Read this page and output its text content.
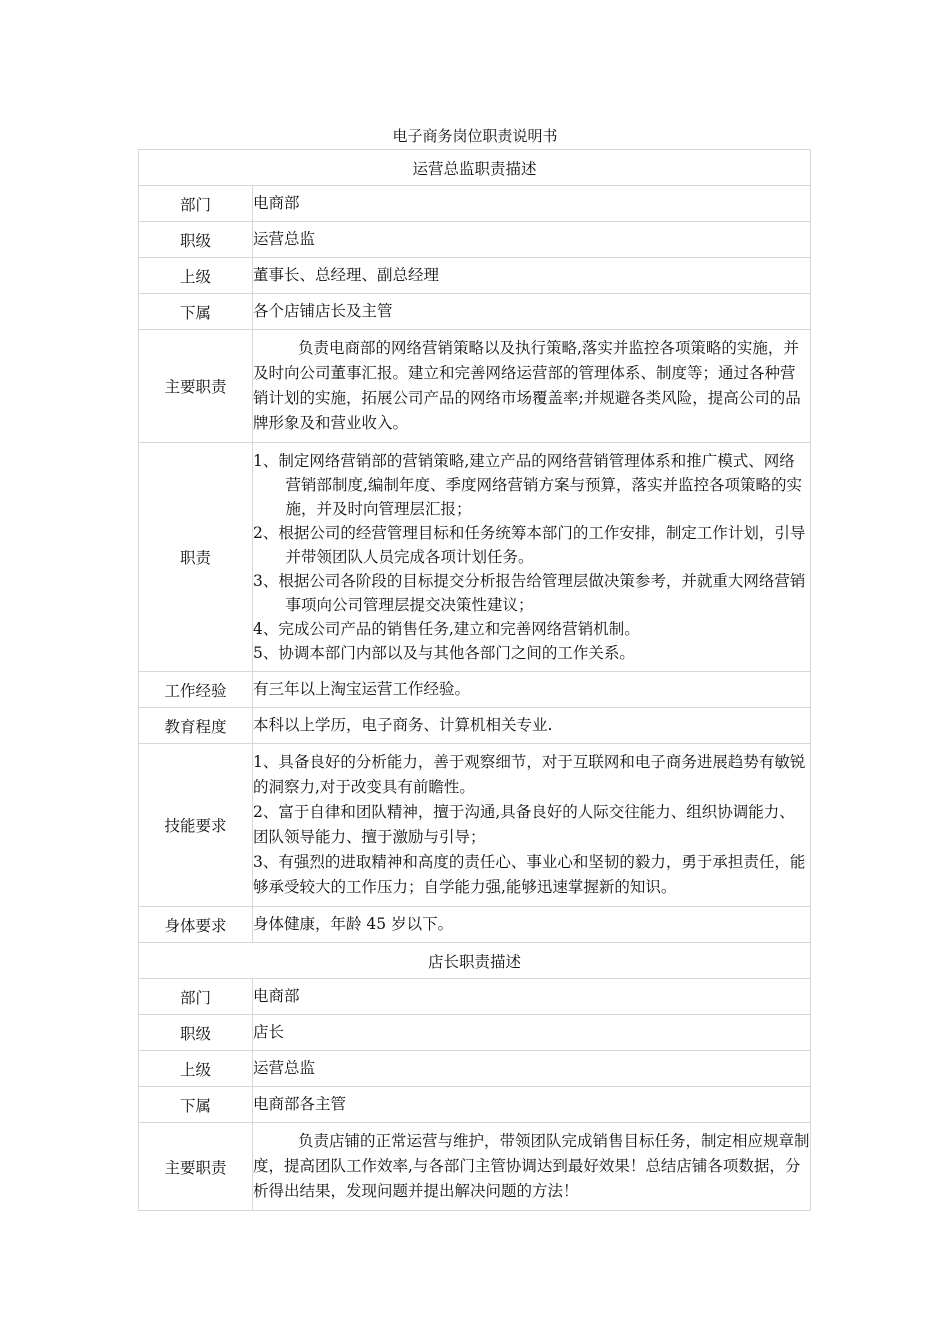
电子商务岗位职责说明书
运营总监职责描述	
部门	电商部
职级	运营总监
上级	董事长、总经理、副总经理
下属	各个店铺店长及主管
主要职责	负责电商部的网络营销策略以及执行策略,落实并监控各项策略的实施，并及时向公司董事汇报。建立和完善网络运营部的管理体系、制度等；通过各种营销计划的实施，拓展公司产品的网络市场覆盖率;并规避各类风险，提高公司的品牌形象及和营业收入。

职责	1、制定网络营销部的营销策略,建立产品的网络营销管理体系和推广模式、网络营销部制度,编制年度、季度网络营销方案与预算，落实并监控各项策略的实施，并及时向管理层汇报；
2、根据公司的经营管理目标和任务统筹本部门的工作安排，制定工作计划，引导并带领团队人员完成各项计划任务。
3、根据公司各阶段的目标提交分析报告给管理层做决策参考，并就重大网络营销事项向公司管理层提交决策性建议；
4、完成公司产品的销售任务,建立和完善网络营销机制。
5、协调本部门内部以及与其他各部门之间的工作关系。

工作经验	有三年以上淘宝运营工作经验。
教育程度	本科以上学历，电子商务、计算机相关专业.
技能要求	1、具备良好的分析能力，善于观察细节，对于互联网和电子商务进展趋势有敏锐的洞察力,对于改变具有前瞻性。
2、富于自律和团队精神，擅于沟通,具备良好的人际交往能力、组织协调能力、团队领导能力、擅于激励与引导；
3、有强烈的进取精神和高度的责任心、事业心和坚韧的毅力，勇于承担责任，能够承受较大的工作压力；自学能力强,能够迅速掌握新的知识。

身体要求	身体健康，年龄 45 岁以下。
店长职责描述	
部门	电商部
职级	店长
上级	运营总监
下属	电商部各主管
主要职责	负责店铺的正常运营与维护，带领团队完成销售目标任务，制定相应规章制度，提高团队工作效率,与各部门主管协调达到最好效果！总结店铺各项数据，分析得出结果，发现问题并提出解决问题的方法！
